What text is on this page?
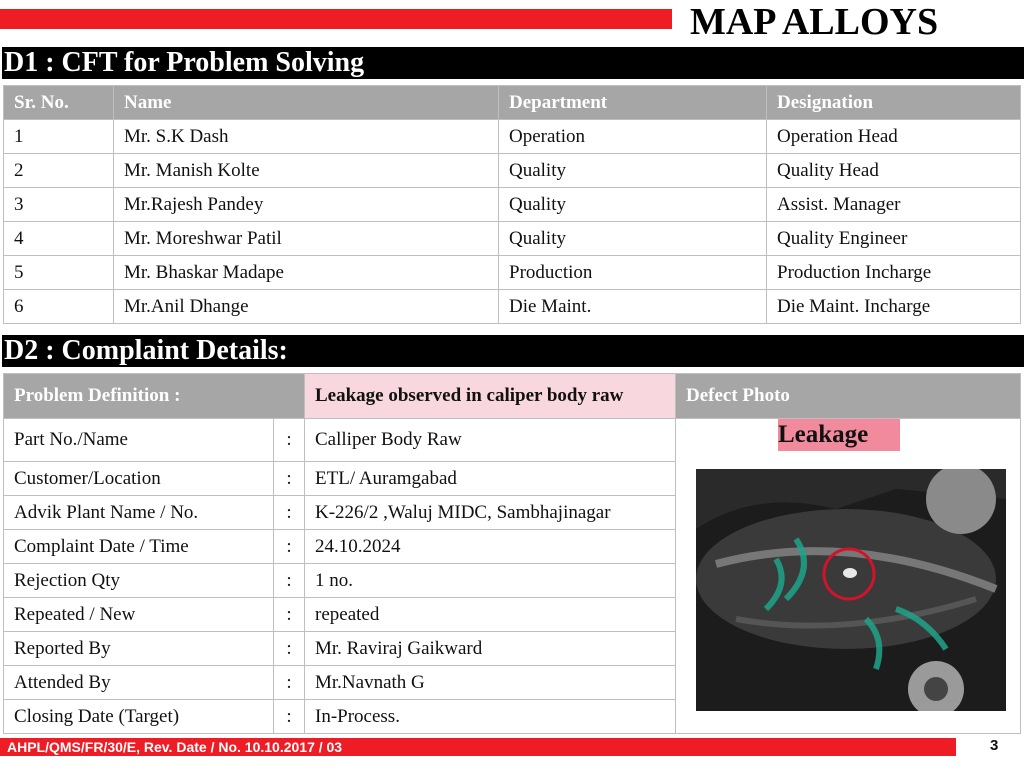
MAP ALLOYS
D1 : CFT for Problem Solving
Sr. No.	Name	Department	Designation
1	Mr. S.K Dash	Operation	Operation Head
2	Mr. Manish Kolte	Quality	Quality Head
3	Mr.Rajesh Pandey	Quality	Assist. Manager
4	Mr. Moreshwar Patil	Quality	Quality Engineer
5	Mr. Bhaskar Madape	Production	Production Incharge
6	Mr.Anil Dhange	Die Maint.	Die Maint. Incharge
D2 : Complaint Details:
Problem Definition :		Leakage observed in caliper body raw	Defect Photo
Part No./Name	:	Calliper Body Raw	Leakage

Customer/Location	:	ETL/ Auramgabad	
Advik Plant Name / No.	:	K-226/2 ,Waluj MIDC, Sambhajinagar	
Complaint Date / Time	:	24.10.2024	
Rejection Qty	:	1 no.	
Repeated / New	:	repeated	
Reported By	:	Mr. Raviraj Gaikward	
Attended By	:	Mr.Navnath G	
Closing Date (Target)	:	In-Process.	
AHPL/QMS/FR/30/E, Rev. Date / No. 10.10.2017 / 03	3
